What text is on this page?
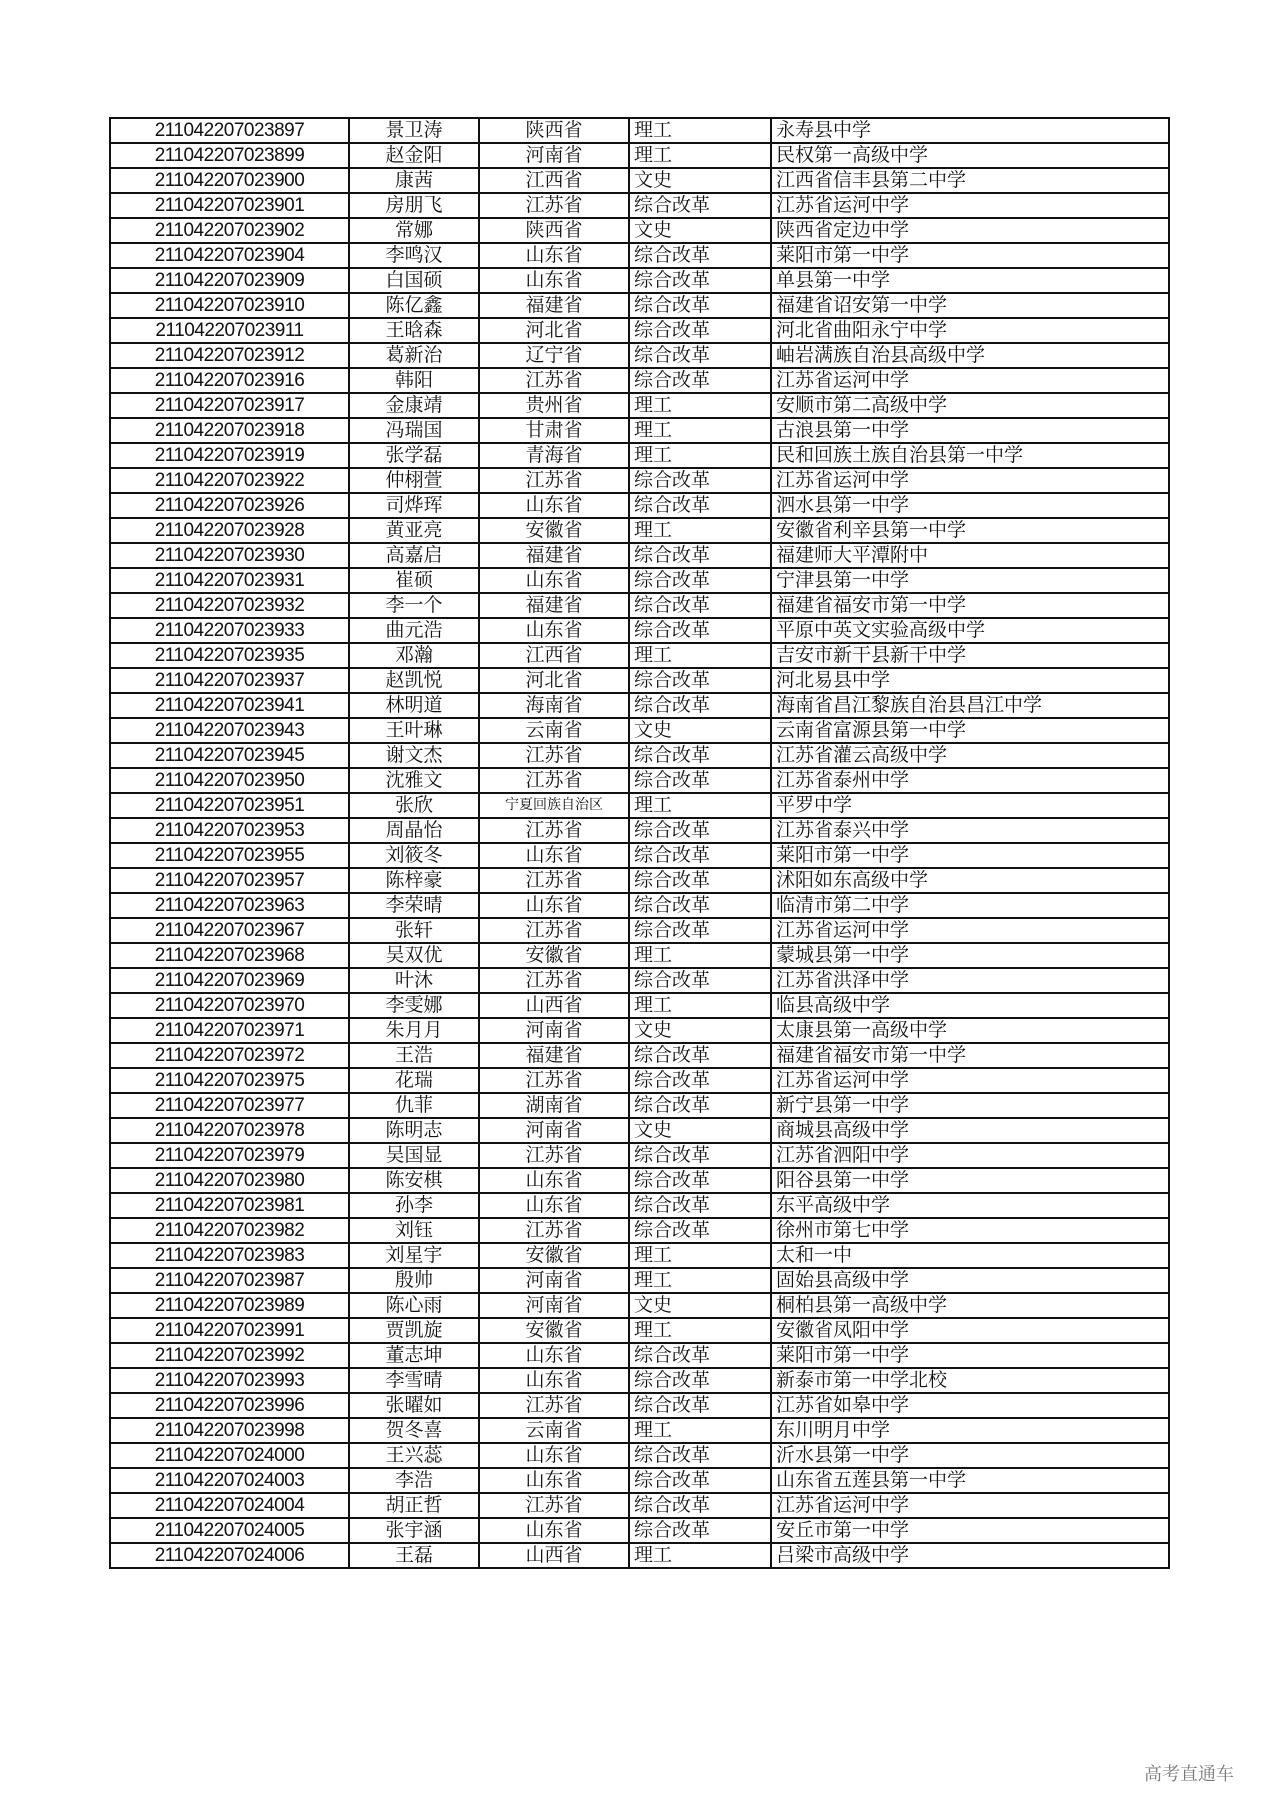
211042207023897	景卫涛	陕西省	理工	永寿县中学
211042207023899	赵金阳	河南省	理工	民权第一高级中学
211042207023900	康茜	江西省	文史	江西省信丰县第二中学
211042207023901	房朋飞	江苏省	综合改革	江苏省运河中学
211042207023902	常娜	陕西省	文史	陕西省定边中学
211042207023904	李鸣汉	山东省	综合改革	莱阳市第一中学
211042207023909	白国硕	山东省	综合改革	单县第一中学
211042207023910	陈亿鑫	福建省	综合改革	福建省诏安第一中学
211042207023911	王晗森	河北省	综合改革	河北省曲阳永宁中学
211042207023912	葛新治	辽宁省	综合改革	岫岩满族自治县高级中学
211042207023916	韩阳	江苏省	综合改革	江苏省运河中学
211042207023917	金康靖	贵州省	理工	安顺市第二高级中学
211042207023918	冯瑞国	甘肃省	理工	古浪县第一中学
211042207023919	张学磊	青海省	理工	民和回族土族自治县第一中学
211042207023922	仲栩萱	江苏省	综合改革	江苏省运河中学
211042207023926	司烨珲	山东省	综合改革	泗水县第一中学
211042207023928	黄亚亮	安徽省	理工	安徽省利辛县第一中学
211042207023930	高嘉启	福建省	综合改革	福建师大平潭附中
211042207023931	崔硕	山东省	综合改革	宁津县第一中学
211042207023932	李一个	福建省	综合改革	福建省福安市第一中学
211042207023933	曲元浩	山东省	综合改革	平原中英文实验高级中学
211042207023935	邓瀚	江西省	理工	吉安市新干县新干中学
211042207023937	赵凯悦	河北省	综合改革	河北易县中学
211042207023941	林明道	海南省	综合改革	海南省昌江黎族自治县昌江中学
211042207023943	王叶琳	云南省	文史	云南省富源县第一中学
211042207023945	谢文杰	江苏省	综合改革	江苏省灌云高级中学
211042207023950	沈雅文	江苏省	综合改革	江苏省泰州中学
211042207023951	张欣	宁夏回族自治区	理工	平罗中学
211042207023953	周晶怡	江苏省	综合改革	江苏省泰兴中学
211042207023955	刘筱冬	山东省	综合改革	莱阳市第一中学
211042207023957	陈梓豪	江苏省	综合改革	沭阳如东高级中学
211042207023963	李荣晴	山东省	综合改革	临清市第二中学
211042207023967	张轩	江苏省	综合改革	江苏省运河中学
211042207023968	吴双优	安徽省	理工	蒙城县第一中学
211042207023969	叶沐	江苏省	综合改革	江苏省洪泽中学
211042207023970	李雯娜	山西省	理工	临县高级中学
211042207023971	朱月月	河南省	文史	太康县第一高级中学
211042207023972	王浩	福建省	综合改革	福建省福安市第一中学
211042207023975	花瑞	江苏省	综合改革	江苏省运河中学
211042207023977	仇菲	湖南省	综合改革	新宁县第一中学
211042207023978	陈明志	河南省	文史	商城县高级中学
211042207023979	吴国显	江苏省	综合改革	江苏省泗阳中学
211042207023980	陈安棋	山东省	综合改革	阳谷县第一中学
211042207023981	孙李	山东省	综合改革	东平高级中学
211042207023982	刘钰	江苏省	综合改革	徐州市第七中学
211042207023983	刘星宇	安徽省	理工	太和一中
211042207023987	殷帅	河南省	理工	固始县高级中学
211042207023989	陈心雨	河南省	文史	桐柏县第一高级中学
211042207023991	贾凯旋	安徽省	理工	安徽省凤阳中学
211042207023992	董志坤	山东省	综合改革	莱阳市第一中学
211042207023993	李雪晴	山东省	综合改革	新泰市第一中学北校
211042207023996	张曜如	江苏省	综合改革	江苏省如皋中学
211042207023998	贺冬喜	云南省	理工	东川明月中学
211042207024000	王兴蕊	山东省	综合改革	沂水县第一中学
211042207024003	李浩	山东省	综合改革	山东省五莲县第一中学
211042207024004	胡正哲	江苏省	综合改革	江苏省运河中学
211042207024005	张宇涵	山东省	综合改革	安丘市第一中学
211042207024006	王磊	山西省	理工	吕梁市高级中学
高考直通车
